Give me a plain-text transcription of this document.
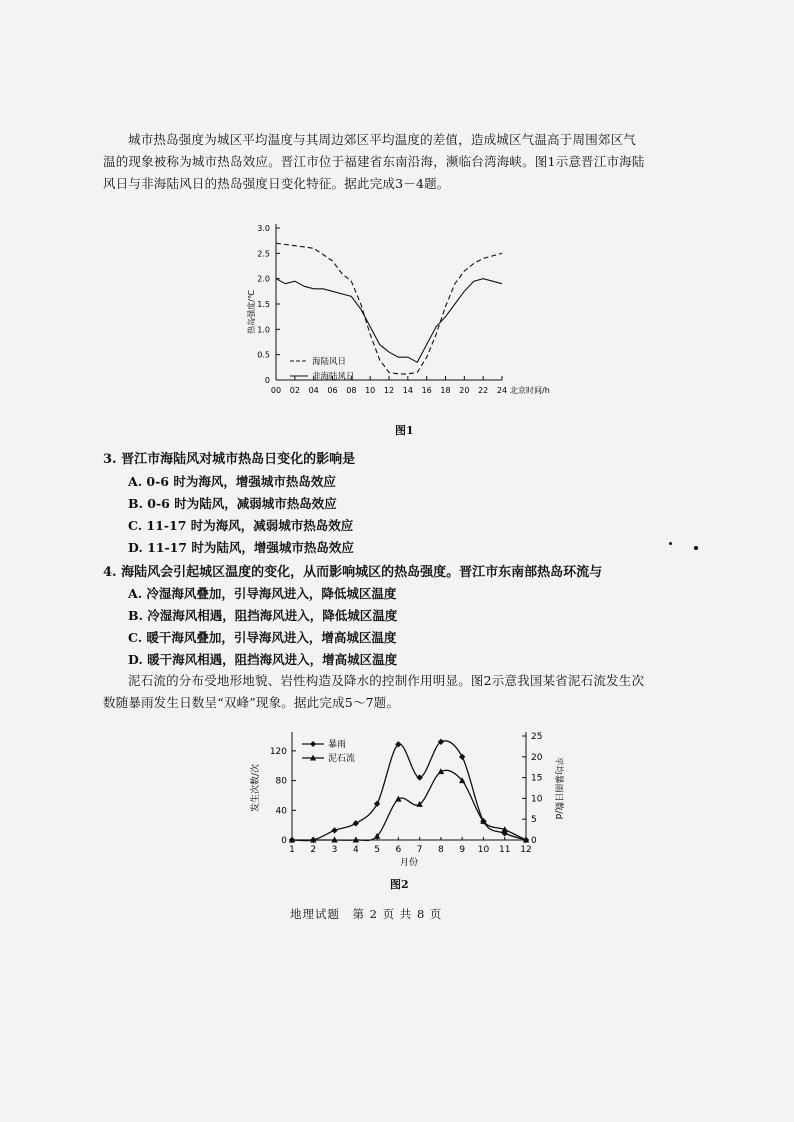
城市热岛强度为城区平均温度与其周边郊区平均温度的差值，造成城区气温高于周围郊区气温的现象被称为城市热岛效应。晋江市位于福建省东南沿海，濒临台湾海峡。图1示意晋江市海陆风日与非海陆风日的热岛强度日变化特征。据此完成3－4题。

3.0
2.5
2.0
1.5
1.0
0.5
0
00 02 04 06 08 10 12 14 16 18 20 22 24 北京时间/h
热岛强度/℃
海陆风日
非海陆风日
图1

3. 晋江市海陆风对城市热岛日变化的影响是

A. 0-6 时为海风，增强城市热岛效应

B. 0-6 时为陆风，减弱城市热岛效应

C. 11-17 时为海风，减弱城市热岛效应

D. 11-17 时为陆风，增强城市热岛效应

4. 海陆风会引起城区温度的变化，从而影响城区的热岛强度。晋江市东南部热岛环流与

A. 冷湿海风叠加，引导海风进入，降低城区温度

B. 冷湿海风相遇，阻挡海风进入，降低城区温度

C. 暖干海风叠加，引导海风进入，增高城区温度

D. 暖干海风相遇，阻挡海风进入，增高城区温度

泥石流的分布受地形地貌、岩性构造及降水的控制作用明显。图2示意我国某省泥石流发生次数随暴雨发生日数呈“双峰”现象。据此完成5～7题。

120
80
40
0
25
20
15
10
5
0
1 2 3 4 5 6 7 8 9 10 11 12
月份
发生次数/次	平均暴雨日数/d
暴雨
泥石流
图2
地理试题　第 2 页 共 8 页
